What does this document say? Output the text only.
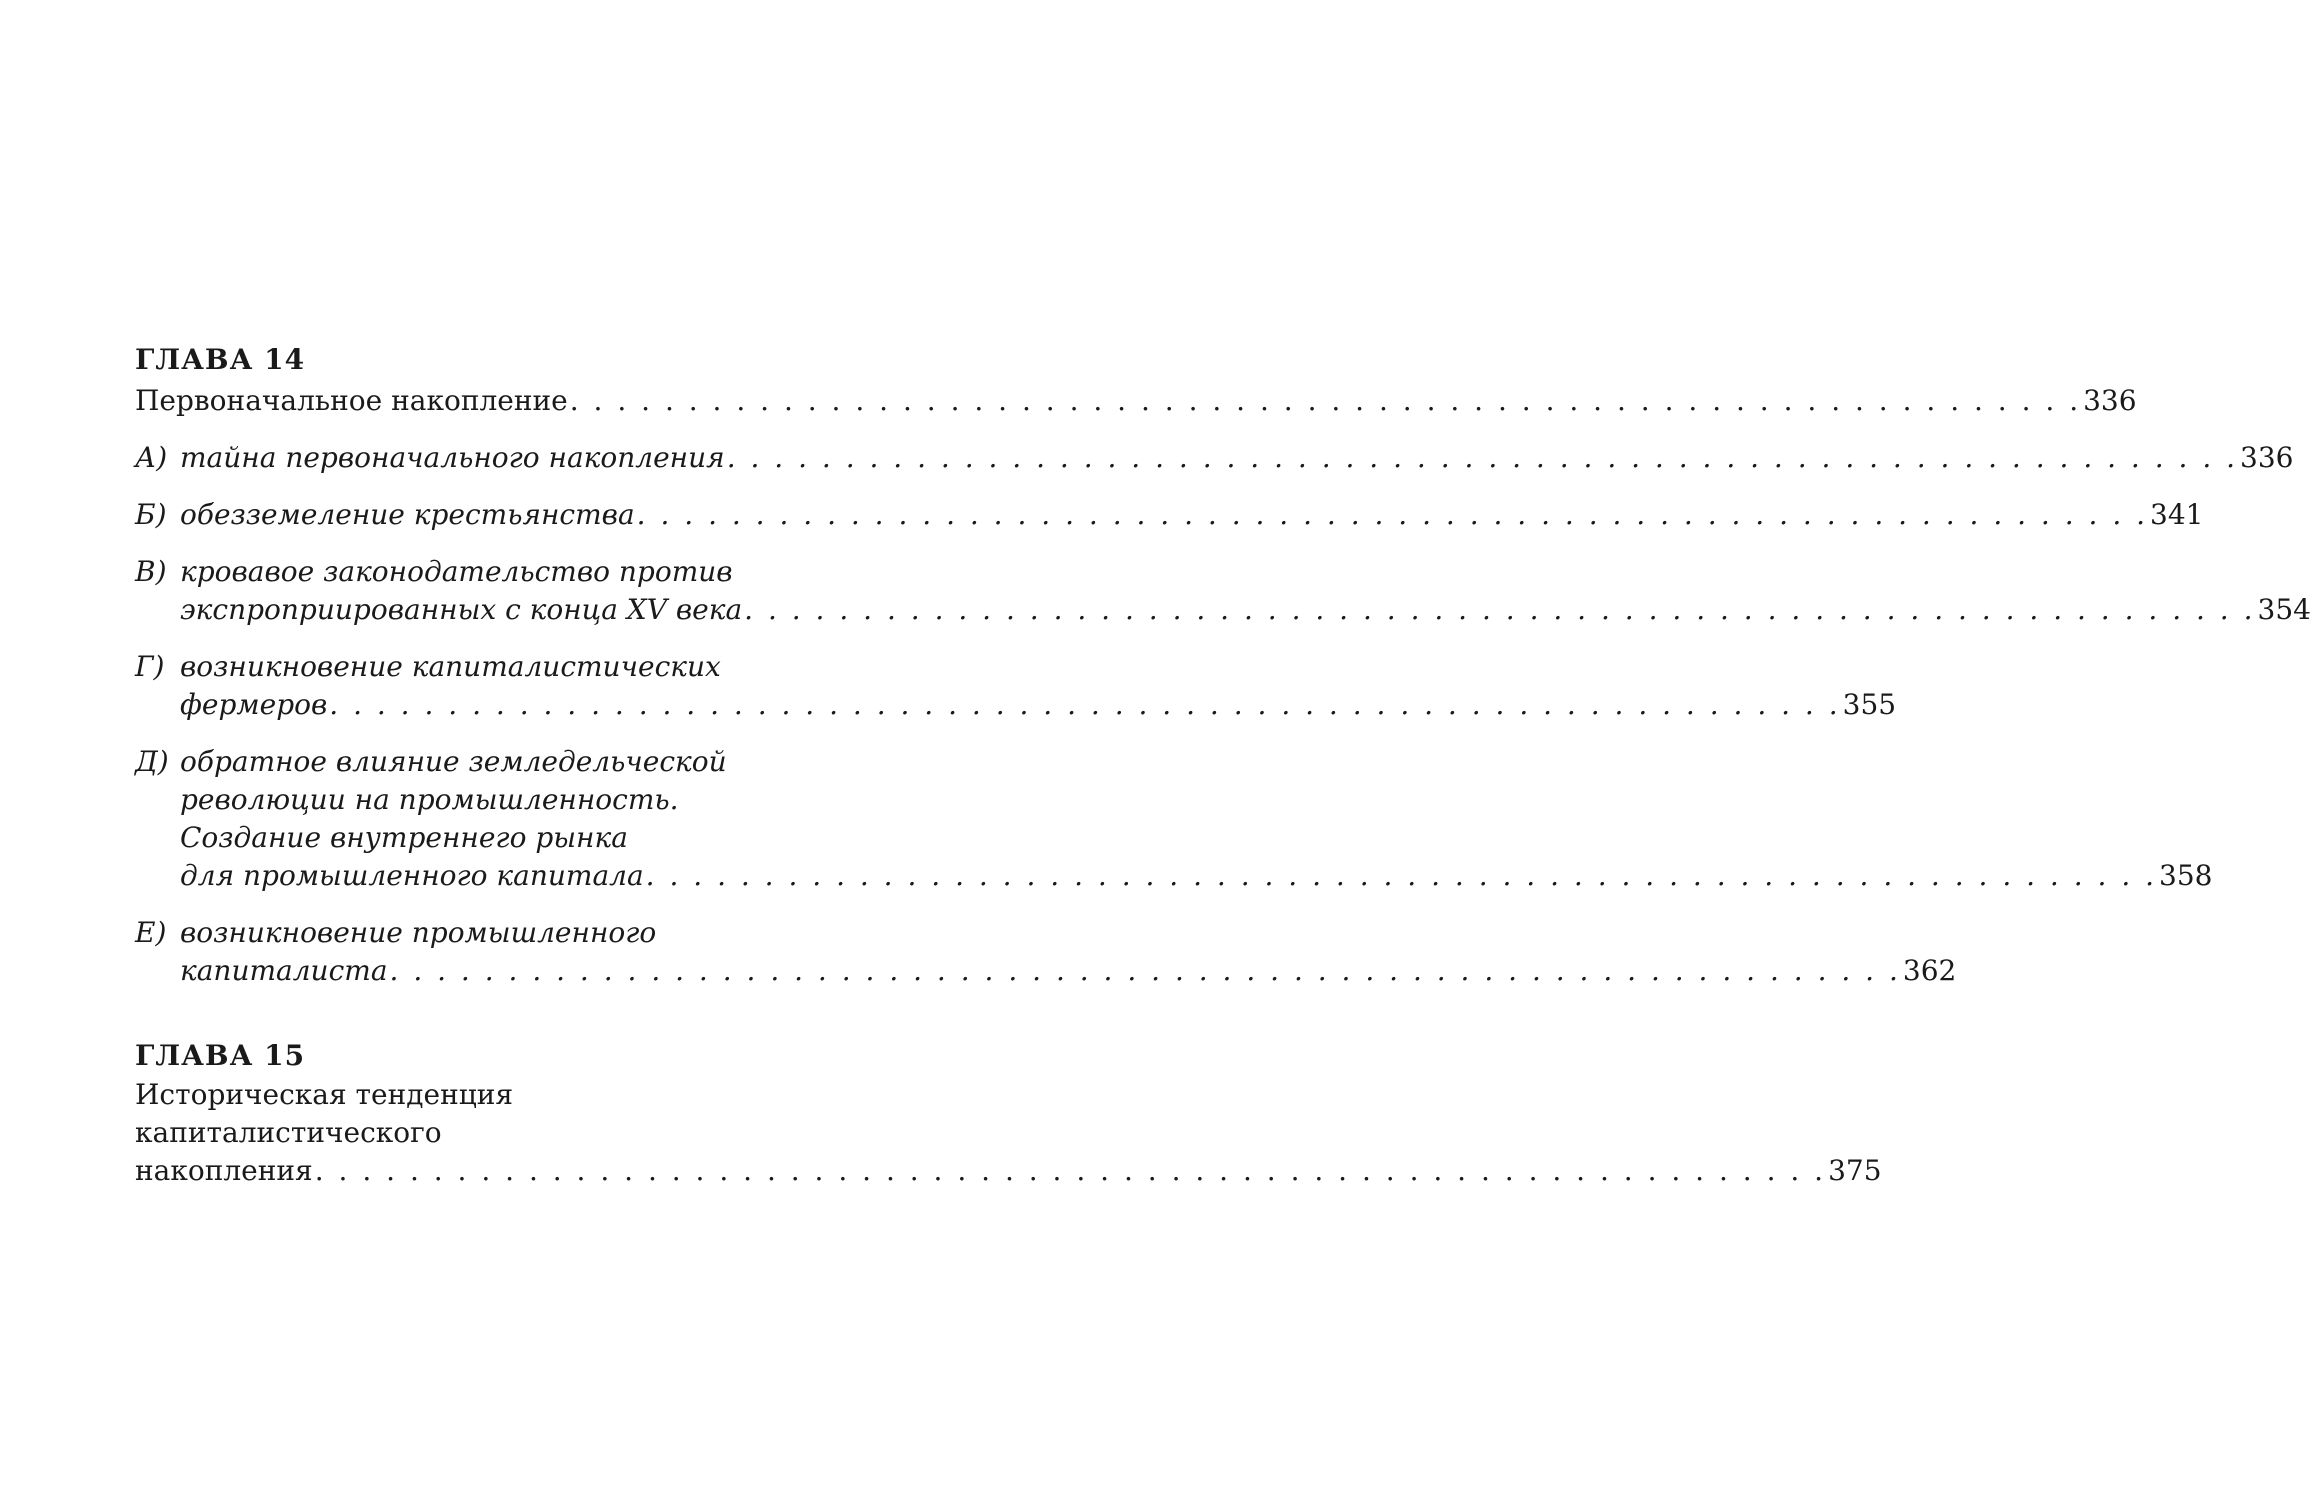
ГЛАВА 14
Первоначальное накопление . . . . . . . . . . . . . . . . . . . . . . . . . . . . . . . . . . . . . . . . . . . . . . . . . . . . . . . . . . . . . . . . 336
А) тайна первоначального накопления . . . . . . . . . . . . . . . . . . . . . . . . . . . . . . . . . . . . . . . . . . . . . . . . . . . . . . . . . . . . . . . . 336
Б) обезземеление крестьянства . . . . . . . . . . . . . . . . . . . . . . . . . . . . . . . . . . . . . . . . . . . . . . . . . . . . . . . . . . . . . . . . 341
В) кровавое законодательство против
экспроприированных с конца XV века . . . . . . . . . . . . . . . . . . . . . . . . . . . . . . . . . . . . . . . . . . . . . . . . . . . . . . . . . . . . . . . . 354
Г) возникновение капиталистических
фермеров . . . . . . . . . . . . . . . . . . . . . . . . . . . . . . . . . . . . . . . . . . . . . . . . . . . . . . . . . . . . . . . . 355
Д) обратное влияние земледельческой
революции на промышленность.
Создание внутреннего рынка
для промышленного капитала . . . . . . . . . . . . . . . . . . . . . . . . . . . . . . . . . . . . . . . . . . . . . . . . . . . . . . . . . . . . . . . . 358
Е) возникновение промышленного
капиталиста . . . . . . . . . . . . . . . . . . . . . . . . . . . . . . . . . . . . . . . . . . . . . . . . . . . . . . . . . . . . . . . . 362
ГЛАВА 15
Историческая тенденция
капиталистического
накопления . . . . . . . . . . . . . . . . . . . . . . . . . . . . . . . . . . . . . . . . . . . . . . . . . . . . . . . . . . . . . . . . 375
